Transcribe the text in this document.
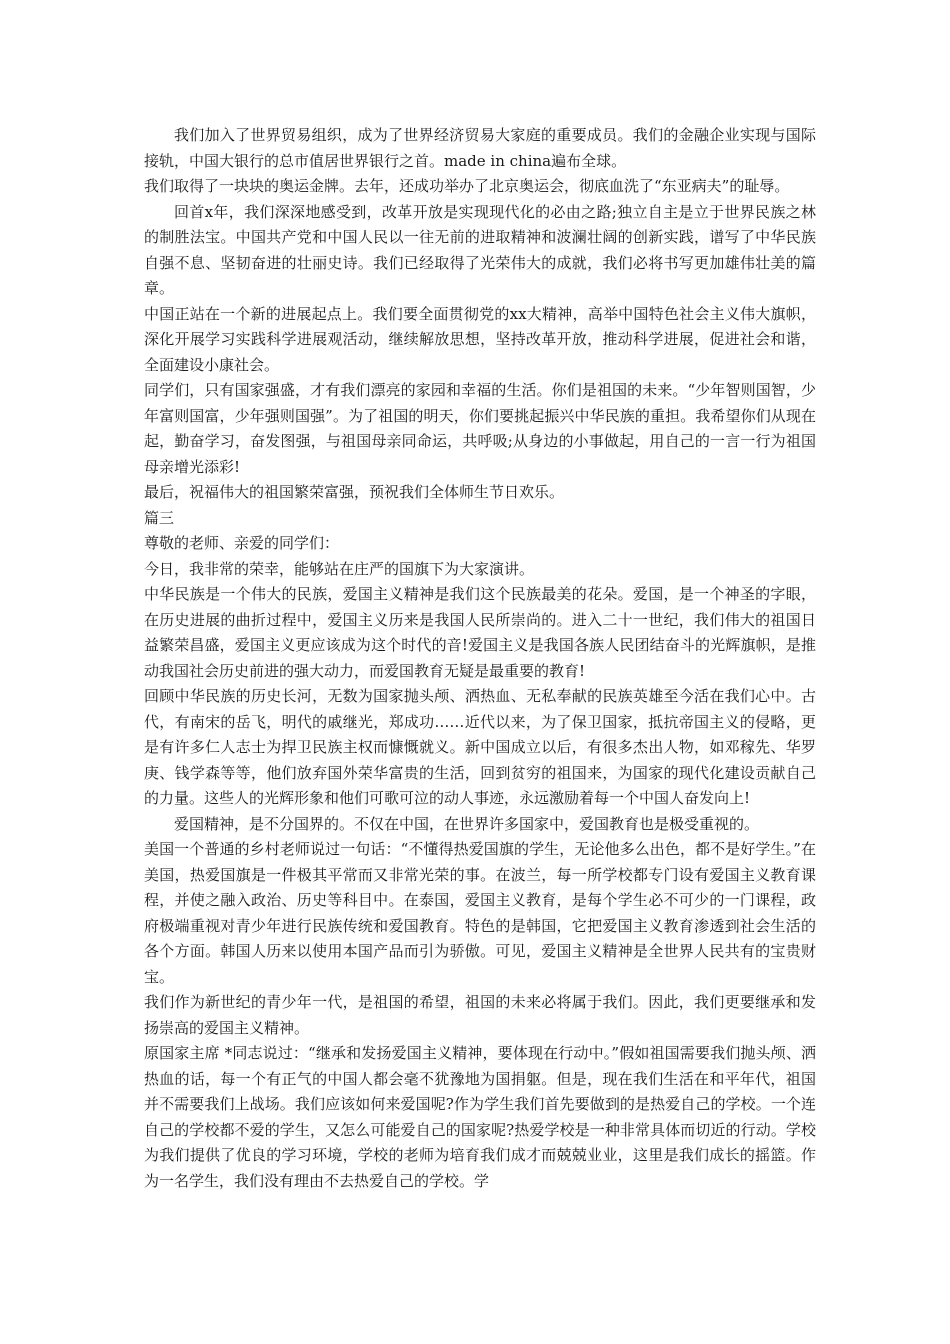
我们加入了世界贸易组织，成为了世界经济贸易大家庭的重要成员。我们的金融企业实现与国际接轨，中国大银行的总市值居世界银行之首。made in china遍布全球。

我们取得了一块块的奥运金牌。去年，还成功举办了北京奥运会，彻底血洗了“东亚病夫”的耻辱。

回首x年，我们深深地感受到，改革开放是实现现代化的必由之路;独立自主是立于世界民族之林的制胜法宝。中国共产党和中国人民以一往无前的进取精神和波澜壮阔的创新实践，谱写了中华民族自强不息、坚韧奋进的壮丽史诗。我们已经取得了光荣伟大的成就，我们必将书写更加雄伟壮美的篇章。

中国正站在一个新的进展起点上。我们要全面贯彻党的xx大精神，高举中国特色社会主义伟大旗帜，深化开展学习实践科学进展观活动，继续解放思想，坚持改革开放，推动科学进展，促进社会和谐，全面建设小康社会。

同学们，只有国家强盛，才有我们漂亮的家园和幸福的生活。你们是祖国的未来。“少年智则国智，少年富则国富，少年强则国强”。为了祖国的明天，你们要挑起振兴中华民族的重担。我希望你们从现在起，勤奋学习，奋发图强，与祖国母亲同命运，共呼吸;从身边的小事做起，用自己的一言一行为祖国母亲增光添彩!

最后，祝福伟大的祖国繁荣富强，预祝我们全体师生节日欢乐。

篇三

尊敬的老师、亲爱的同学们：

今日，我非常的荣幸，能够站在庄严的国旗下为大家演讲。

中华民族是一个伟大的民族，爱国主义精神是我们这个民族最美的花朵。爱国，是一个神圣的字眼，在历史进展的曲折过程中，爱国主义历来是我国人民所崇尚的。进入二十一世纪，我们伟大的祖国日益繁荣昌盛，爱国主义更应该成为这个时代的音!爱国主义是我国各族人民团结奋斗的光辉旗帜，是推动我国社会历史前进的强大动力，而爱国教育无疑是最重要的教育!

回顾中华民族的历史长河，无数为国家抛头颅、洒热血、无私奉献的民族英雄至今活在我们心中。古代，有南宋的岳飞，明代的戚继光，郑成功……近代以来，为了保卫国家，抵抗帝国主义的侵略，更是有许多仁人志士为捍卫民族主权而慷慨就义。新中国成立以后，有很多杰出人物，如邓稼先、华罗庚、钱学森等等，他们放弃国外荣华富贵的生活，回到贫穷的祖国来，为国家的现代化建设贡献自己的力量。这些人的光辉形象和他们可歌可泣的动人事迹，永远激励着每一个中国人奋发向上!

爱国精神，是不分国界的。不仅在中国，在世界许多国家中，爱国教育也是极受重视的。

美国一个普通的乡村老师说过一句话：“不懂得热爱国旗的学生，无论他多么出色，都不是好学生。”在美国，热爱国旗是一件极其平常而又非常光荣的事。在波兰，每一所学校都专门设有爱国主义教育课程，并使之融入政治、历史等科目中。在泰国，爱国主义教育，是每个学生必不可少的一门课程，政府极端重视对青少年进行民族传统和爱国教育。特色的是韩国，它把爱国主义教育渗透到社会生活的各个方面。韩国人历来以使用本国产品而引为骄傲。可见，爱国主义精神是全世界人民共有的宝贵财宝。

我们作为新世纪的青少年一代，是祖国的希望，祖国的未来必将属于我们。因此，我们更要继承和发扬崇高的爱国主义精神。

原国家主席 *同志说过：“继承和发扬爱国主义精神，要体现在行动中。”假如祖国需要我们抛头颅、洒热血的话，每一个有正气的中国人都会毫不犹豫地为国捐躯。但是，现在我们生活在和平年代，祖国并不需要我们上战场。我们应该如何来爱国呢?作为学生我们首先要做到的是热爱自己的学校。一个连自己的学校都不爱的学生，又怎么可能爱自己的国家呢?热爱学校是一种非常具体而切近的行动。学校为我们提供了优良的学习环境，学校的老师为培育我们成才而兢兢业业，这里是我们成长的摇篮。作为一名学生，我们没有理由不去热爱自己的学校。学
